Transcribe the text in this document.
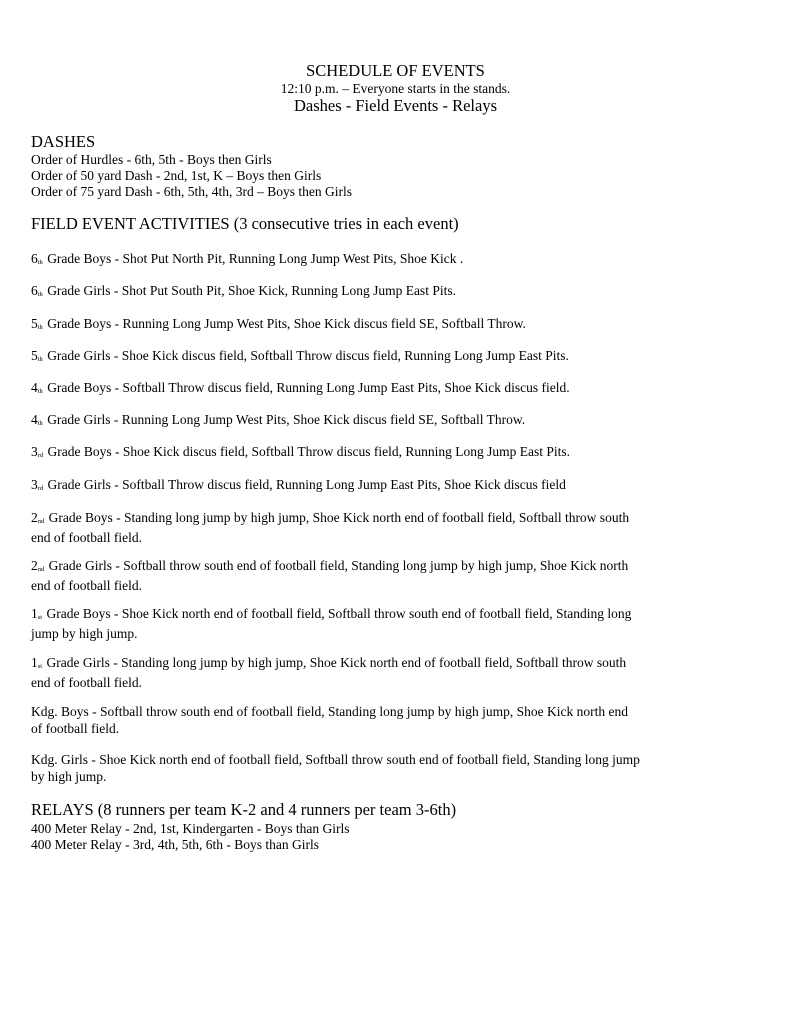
SCHEDULE OF EVENTS
12:10 p.m. – Everyone starts in the stands.
Dashes - Field Events - Relays
DASHES
Order of Hurdles - 6th, 5th - Boys then Girls
Order of 50 yard Dash - 2nd, 1st, K – Boys then Girls
Order of 75 yard Dash - 6th, 5th, 4th, 3rd – Boys then Girls
FIELD EVENT ACTIVITIES (3 consecutive tries in each event)
6th Grade Boys - Shot Put North Pit, Running Long Jump West Pits, Shoe Kick .
6th Grade Girls - Shot Put South Pit, Shoe Kick, Running Long Jump East Pits.
5th Grade Boys - Running Long Jump West Pits, Shoe Kick discus field SE, Softball Throw.
5th Grade Girls - Shoe Kick discus field, Softball Throw discus field, Running Long Jump East Pits.
4th Grade Boys - Softball Throw discus field, Running Long Jump East Pits, Shoe Kick discus field.
4th Grade Girls - Running Long Jump West Pits, Shoe Kick discus field SE, Softball Throw.
3rd Grade Boys - Shoe Kick discus field, Softball Throw discus field, Running Long Jump East Pits.
3rd Grade Girls - Softball Throw discus field, Running Long Jump East Pits, Shoe Kick discus field
2nd Grade Boys - Standing long jump by high jump, Shoe Kick north end of football field, Softball throw south
end of football field.
2nd Grade Girls - Softball throw south end of football field, Standing long jump by high jump, Shoe Kick north
end of football field.
1st Grade Boys - Shoe Kick north end of football field, Softball throw south end of football field, Standing long
jump by high jump.
1st Grade Girls - Standing long jump by high jump, Shoe Kick north end of football field, Softball throw south
end of football field.
Kdg. Boys - Softball throw south end of football field, Standing long jump by high jump, Shoe Kick north end
of football field.
Kdg. Girls - Shoe Kick north end of football field, Softball throw south end of football field, Standing long jump
by high jump.
RELAYS (8 runners per team K-2 and 4 runners per team 3-6th)
400 Meter Relay - 2nd, 1st, Kindergarten - Boys than Girls
400 Meter Relay - 3rd, 4th, 5th, 6th - Boys than Girls
